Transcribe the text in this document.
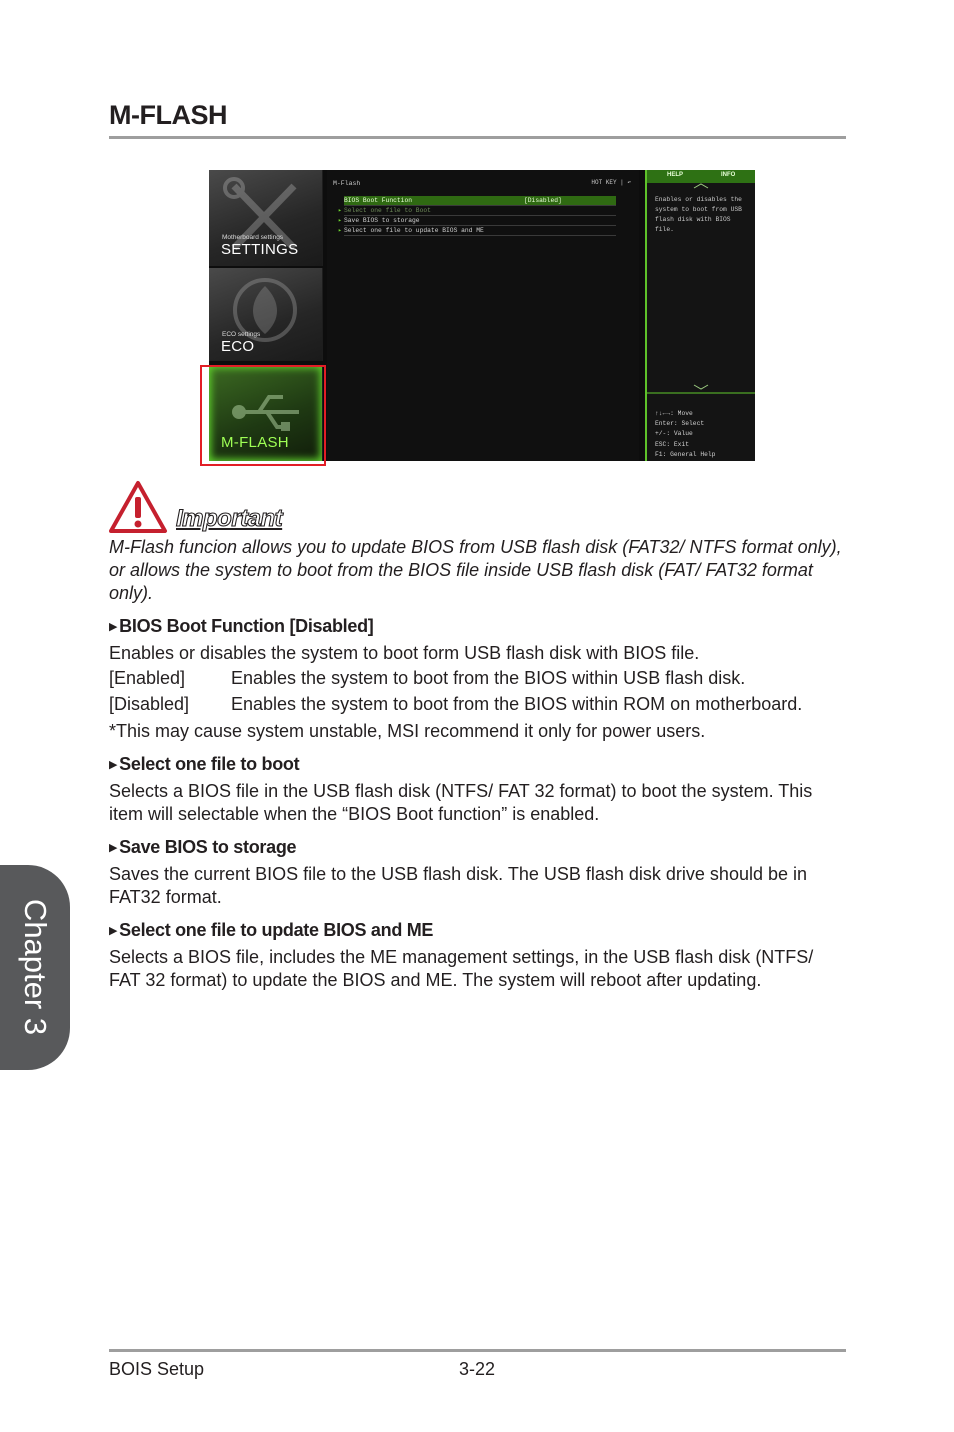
M-FLASH
Chapter 3
Motherboard settings
SETTINGS
ECO settings
ECO
M-FLASH
M-Flash	HOT KEY | ↶
BIOS Boot Function	[Disabled]
▸ Select one file to Boot
▸ Save BIOS to storage
▸ Select one file to update BIOS and ME
HELP	INFO
Enables or disables the system to boot from USB flash disk with BIOS file.
↑↓←→: Move
Enter: Select
+/-: Value
ESC: Exit
F1: General Help
Important
M-Flash funcion allows you to update BIOS from USB flash disk (FAT32/ NTFS format only), or allows the system to boot from the BIOS file inside USB flash disk (FAT/ FAT32 format only).
▶ BIOS Boot Function [Disabled]
Enables or disables the system to boot form USB flash disk with BIOS file.
[Enabled]	Enables the system to boot from the BIOS within USB flash disk.
[Disabled] Enables the system to boot from the BIOS within ROM on motherboard.
*This may cause system unstable, MSI recommend it only for power users.
▶ Select one file to boot
Selects a BIOS file in the USB flash disk (NTFS/ FAT 32 format) to boot the system. This item will selectable when the “BIOS Boot function” is enabled.
▶ Save BIOS to storage
Saves the current BIOS file to the USB flash disk. The USB flash disk drive should be in FAT32 format.
▶ Select one file to update BIOS and ME
Selects a BIOS file, includes the ME management settings, in the USB flash disk (NTFS/ FAT 32 format) to update the BIOS and ME. The system will reboot after updating.
BOIS Setup	3-22
